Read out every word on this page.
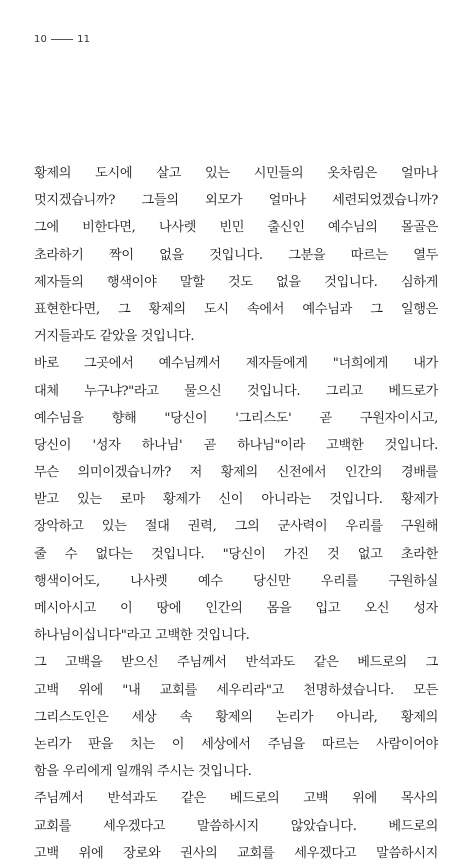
10	11
황제의 도시에 살고 있는 시민들의 옷차림은 얼마나
멋지겠습니까? 그들의 외모가 얼마나 세련되었겠습니까?
그에 비한다면, 나사렛 빈민 출신인 예수님의 몰골은
초라하기 짝이 없을 것입니다. 그분을 따르는 열두
제자들의 행색이야 말할 것도 없을 것입니다. 심하게
표현한다면, 그 황제의 도시 속에서 예수님과 그 일행은
거지들과도 같았을 것입니다.
바로 그곳에서 예수님께서 제자들에게 "너희에게 내가
대체 누구냐?"라고 물으신 것입니다. 그리고 베드로가
예수님을 향해 "당신이 '그리스도' 곧 구원자이시고,
당신이 '성자 하나님' 곧 하나님"이라 고백한 것입니다.
무슨 의미이겠습니까? 저 황제의 신전에서 인간의 경배를
받고 있는 로마 황제가 신이 아니라는 것입니다. 황제가
장악하고 있는 절대 권력, 그의 군사력이 우리를 구원해
줄 수 없다는 것입니다. "당신이 가진 것 없고 초라한
행색이어도, 나사렛 예수 당신만 우리를 구원하실
메시아시고 이 땅에 인간의 몸을 입고 오신 성자
하나님이십니다"라고 고백한 것입니다.
그 고백을 받으신 주님께서 반석과도 같은 베드로의 그
고백 위에 "내 교회를 세우리라"고 천명하셨습니다. 모든
그리스도인은 세상 속 황제의 논리가 아니라, 황제의
논리가 판을 치는 이 세상에서 주님을 따르는 사람이어야
함을 우리에게 일깨워 주시는 것입니다.
주님께서 반석과도 같은 베드로의 고백 위에 목사의
교회를 세우겠다고 말씀하시지 않았습니다. 베드로의
고백 위에 장로와 권사의 교회를 세우겠다고 말씀하시지
